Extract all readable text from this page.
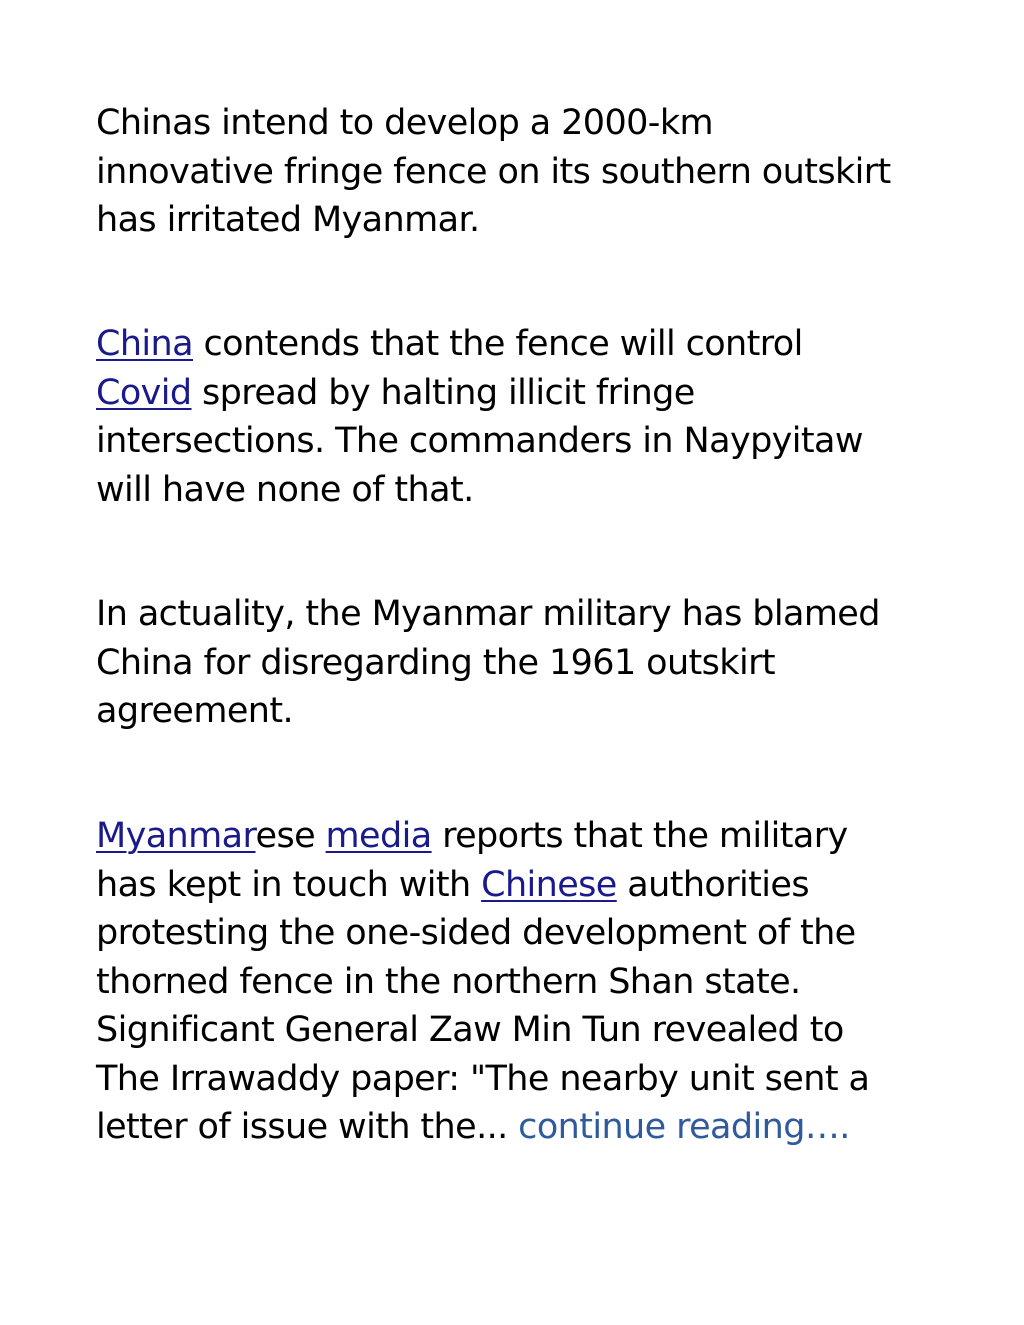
Chinas intend to develop a 2000-km
innovative fringe fence on its southern outskirt
has irritated Myanmar.

China contends that the fence will control
Covid spread by halting illicit fringe
intersections. The commanders in Naypyitaw
will have none of that.

In actuality, the Myanmar military has blamed
China for disregarding the 1961 outskirt
agreement.

Myanmarese media reports that the military
has kept in touch with Chinese authorities
protesting the one-sided development of the
thorned fence in the northern Shan state.
Significant General Zaw Min Tun revealed to
The Irrawaddy paper: "The nearby unit sent a
letter of issue with the... continue reading….
